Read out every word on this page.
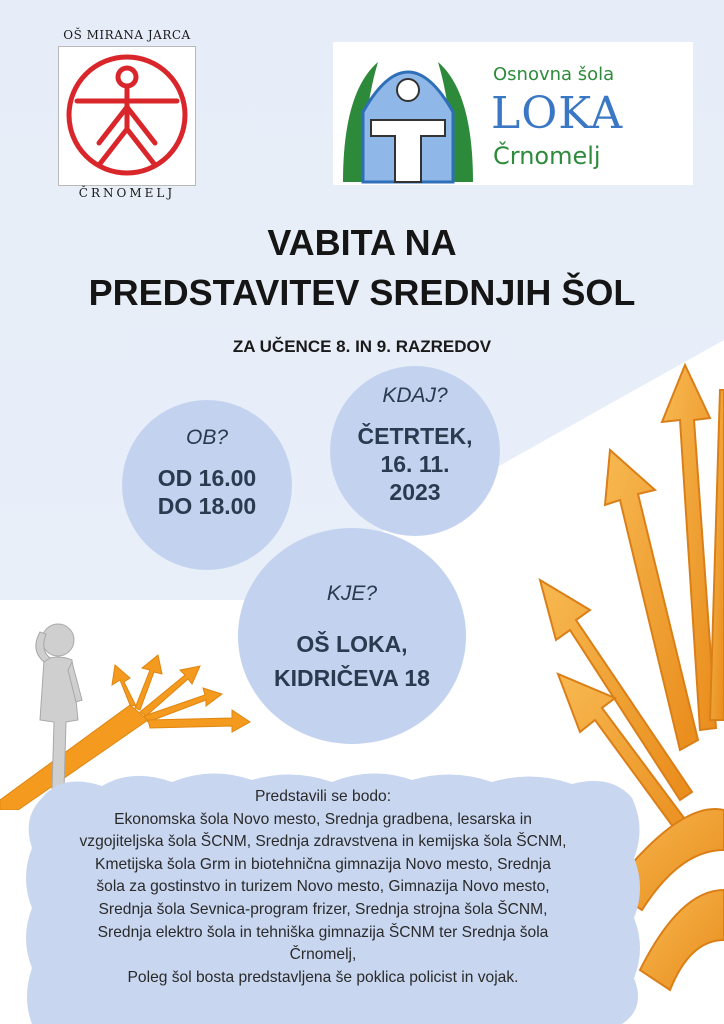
OŠ MIRANA JARCA
ČRNOMELJ
Osnovna šola
LOKA
Črnomelj
VABITA NA
PREDSTAVITEV SREDNJIH ŠOL
ZA UČENCE 8. IN 9. RAZREDOV
OB?
OD 16.00
DO 18.00
KDAJ?
ČETRTEK,
16. 11.
2023
KJE?
OŠ LOKA,
KIDRIČEVA 18

Predstavili se bodo:

Ekonomska šola Novo mesto, Srednja gradbena, lesarska in

vzgojiteljska šola ŠCNM, Srednja zdravstvena in kemijska šola ŠCNM,

Kmetijska šola Grm in biotehnična gimnazija Novo mesto, Srednja

šola za gostinstvo in turizem Novo mesto, Gimnazija Novo mesto,

Srednja šola Sevnica-program frizer, Srednja strojna šola ŠCNM,

Srednja elektro šola in tehniška gimnazija ŠCNM ter Srednja šola

Črnomelj,

Poleg šol bosta predstavljena še poklica policist in vojak.
